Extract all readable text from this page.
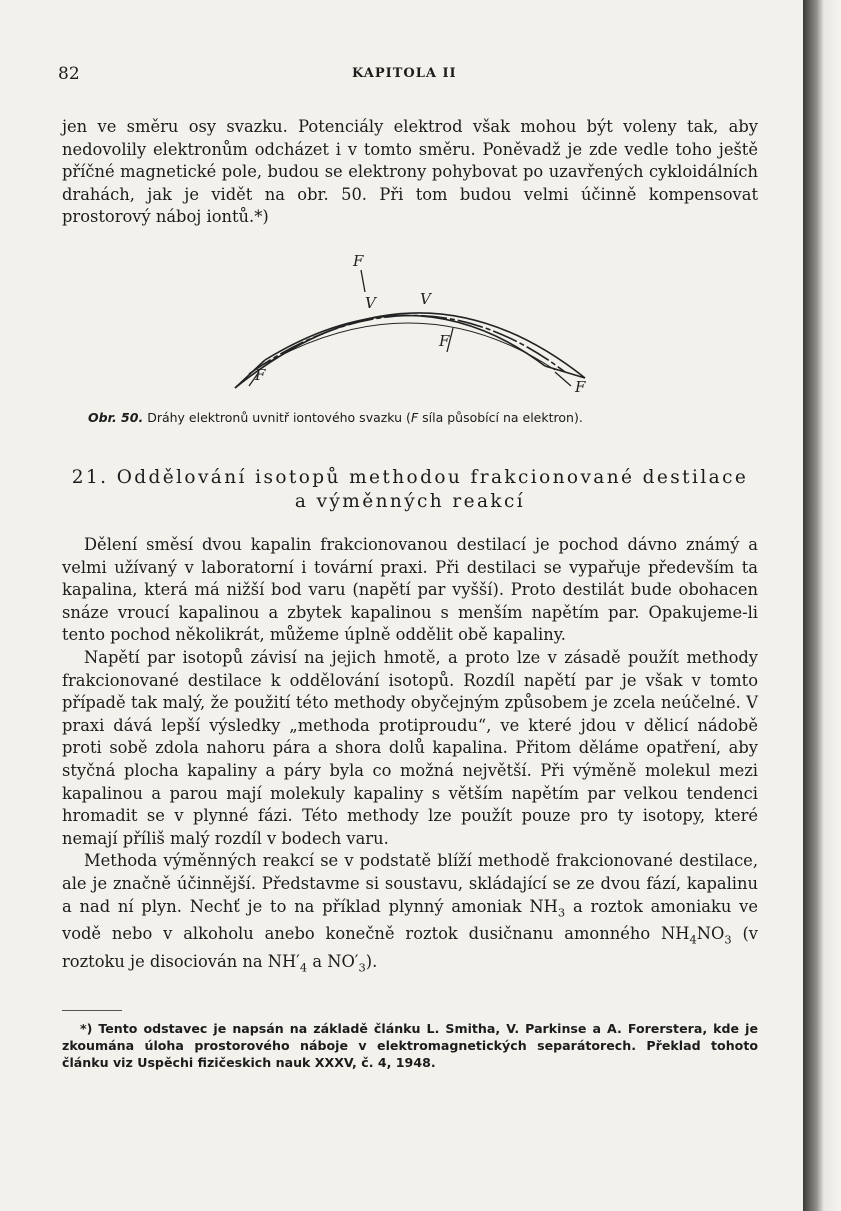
82	KAPITOLA II

jen ve směru osy svazku. Potenciály elektrod však mohou být voleny tak, aby nedovolily elektronům odcházet i v tomto směru. Poněvadž je zde vedle toho ještě příčné magnetické pole, budou se elektrony pohybovat po uzavřených cykloidálních drahách, jak je vidět na obr. 50. Při tom budou velmi účinně kompensovat prostorový náboj iontů.*)

F
V	V
F
F
F
Obr. 50. Dráhy elektronů uvnitř iontového svazku (F síla působící na elektron).
21. Oddělování isotopů methodou frakcionované destilace
a výměnných reakcí

Dělení směsí dvou kapalin frakcionovanou destilací je pochod dávno známý a velmi užívaný v laboratorní i tovární praxi. Při destilaci se vypařuje především ta kapalina, která má nižší bod varu (napětí par vyšší). Proto destilát bude obohacen snáze vroucí kapalinou a zbytek kapalinou s menším napětím par. Opakujeme-li tento pochod několikrát, můžeme úplně oddělit obě kapaliny.

Napětí par isotopů závisí na jejich hmotě, a proto lze v zásadě použít methody frakcionované destilace k oddělování isotopů. Rozdíl napětí par je však v tomto případě tak malý, že použití této methody obyčejným způsobem je zcela neúčelné. V praxi dává lepší výsledky „methoda protiproudu“, ve které jdou v dělicí nádobě proti sobě zdola nahoru pára a shora dolů kapalina. Přitom děláme opatření, aby styčná plocha kapaliny a páry byla co možná největší. Při výměně molekul mezi kapalinou a parou mají molekuly kapaliny s větším napětím par velkou tendenci hromadit se v plynné fázi. Této methody lze použít pouze pro ty isotopy, které nemají příliš malý rozdíl v bodech varu.

Methoda výměnných reakcí se v podstatě blíží methodě frakcionované destilace, ale je značně účinnější. Představme si soustavu, skládající se ze dvou fází, kapalinu a nad ní plyn. Nechť je to na příklad plynný amoniak $NH_3$ a roztok amoniaku ve vodě nebo v alkoholu anebo konečně roztok dusičnanu amonného $NH_4NO_3$ (v roztoku je disociován na $NH'_4$ a $NO'_3$).

*) Tento odstavec je napsán na základě článku L. Smitha, V. Parkinse a A. Forerstera, kde je zkoumána úloha prostorového náboje v elektromagnetických separátorech. Překlad tohoto článku viz Uspěchi fizičeskich nauk XXXV, č. 4, 1948.
